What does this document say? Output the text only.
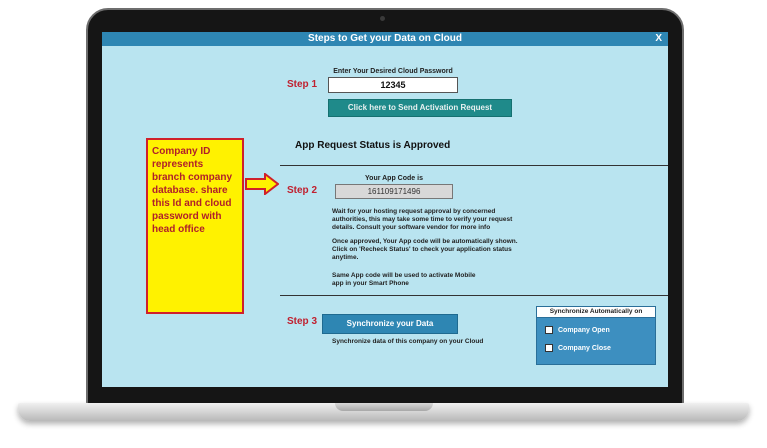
Steps to Get your Data on Cloud	X
Step 1
Enter Your Desired Cloud Password
12345
Click here to Send Activation Request
App Request Status is Approved
Step 2
Your App Code is
161109171496
Wait for your hosting request approval by concerned authorities, this may take some time to verify your request details. Consult your software vendor for more info
Once approved, Your App code will be automatically shown. Click on 'Recheck Status' to check your application status anytime.
Same App code will be used to activate Mobile app in your Smart Phone
Step 3	Synchronize your Data
Synchronize data of this company on your Cloud
Synchronize Automatically on
Company Open
Company Close
Company ID represents branch company database. share this Id and cloud password with head office
